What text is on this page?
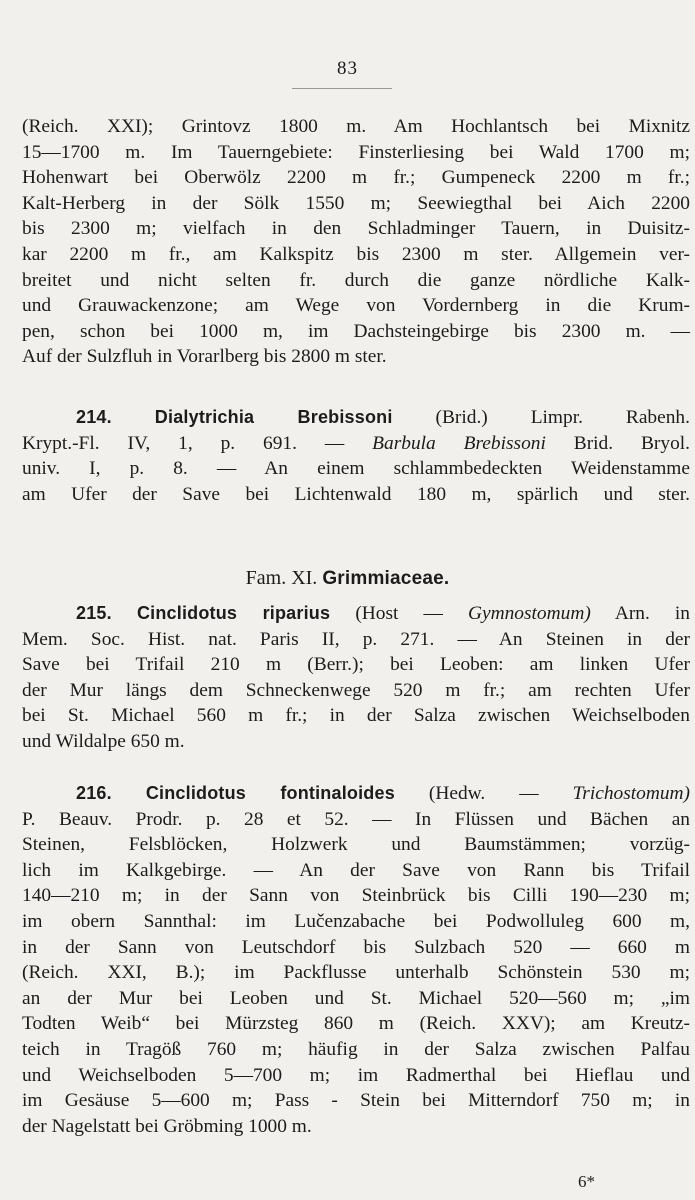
83
(Reich. XXI); Grintovz 1800 m. Am Hochlantsch bei Mixnitz
15—1700 m. Im Tauerngebiete: Finsterliesing bei Wald 1700 m;
Hohenwart bei Oberwölz 2200 m fr.; Gumpeneck 2200 m fr.;
Kalt-Herberg in der Sölk 1550 m; Seewiegthal bei Aich 2200
bis 2300 m; vielfach in den Schladminger Tauern, in Duisitz-
kar 2200 m fr., am Kalkspitz bis 2300 m ster. Allgemein ver-
breitet und nicht selten fr. durch die ganze nördliche Kalk-
und Grauwackenzone; am Wege von Vordernberg in die Krum-
pen, schon bei 1000 m, im Dachsteingebirge bis 2300 m. —
Auf der Sulzfluh in Vorarlberg bis 2800 m ster.
214. Dialytrichia Brebissoni (Brid.) Limpr. Rabenh.
Krypt.-Fl. IV, 1, p. 691. — Barbula Brebissoni Brid. Bryol.
univ. I, p. 8. — An einem schlammbedeckten Weidenstamme
am Ufer der Save bei Lichtenwald 180 m, spärlich und ster.
Fam. XI. Grimmiaceae.
215. Cinclidotus riparius (Host — Gymnostomum) Arn. in
Mem. Soc. Hist. nat. Paris II, p. 271. — An Steinen in der
Save bei Trifail 210 m (Berr.); bei Leoben: am linken Ufer
der Mur längs dem Schneckenwege 520 m fr.; am rechten Ufer
bei St. Michael 560 m fr.; in der Salza zwischen Weichselboden
und Wildalpe 650 m.
216. Cinclidotus fontinaloides (Hedw. — Trichostomum)
P. Beauv. Prodr. p. 28 et 52. — In Flüssen und Bächen an
Steinen, Felsblöcken, Holzwerk und Baumstämmen; vorzüg-
lich im Kalkgebirge. — An der Save von Rann bis Trifail
140—210 m; in der Sann von Steinbrück bis Cilli 190—230 m;
im obern Sannthal: im Lučenzabache bei Podwolluleg 600 m,
in der Sann von Leutschdorf bis Sulzbach 520 — 660 m
(Reich. XXI, B.); im Packflusse unterhalb Schönstein 530 m;
an der Mur bei Leoben und St. Michael 520—560 m; „im
Todten Weib“ bei Mürzsteg 860 m (Reich. XXV); am Kreutz-
teich in Tragöß 760 m; häufig in der Salza zwischen Palfau
und Weichselboden 5—700 m; im Radmerthal bei Hieflau und
im Gesäuse 5—600 m; Pass - Stein bei Mitterndorf 750 m; in
der Nagelstatt bei Gröbming 1000 m.
6*
